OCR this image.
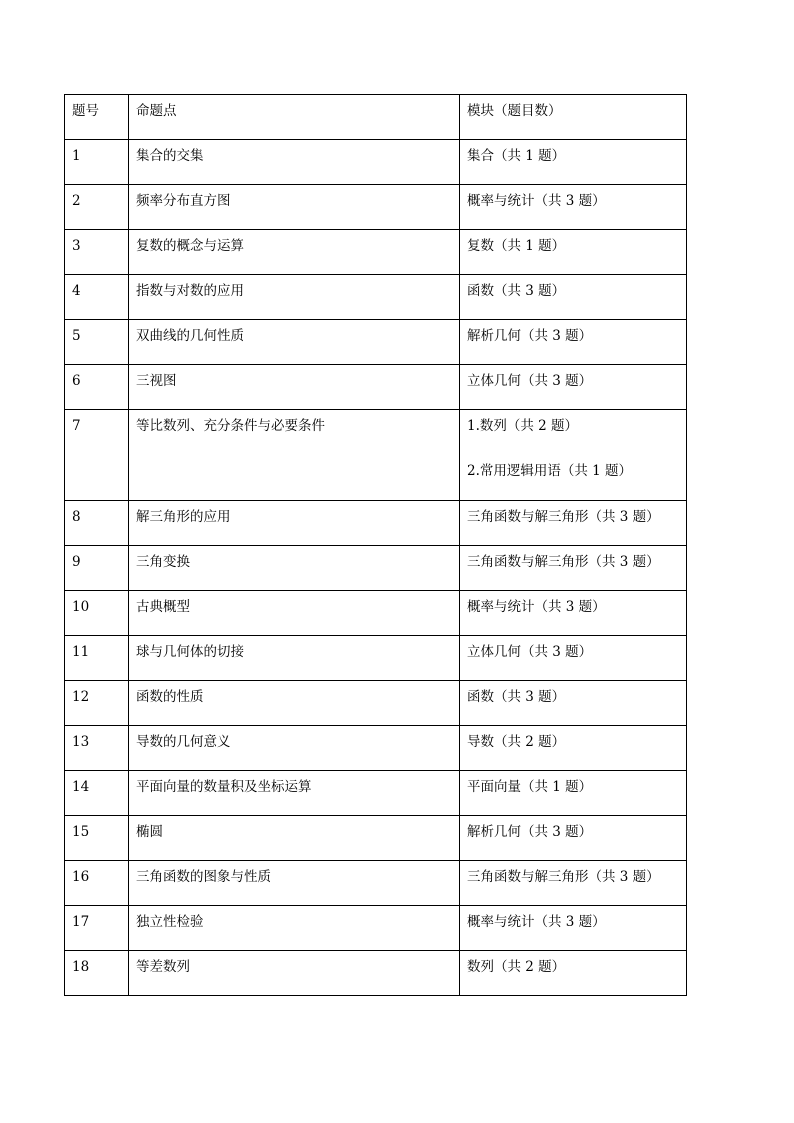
题号	命题点	模块（题目数）
1	集合的交集	集合（共 1 题）

2	频率分布直方图	概率与统计（共 3 题）

3	复数的概念与运算	复数（共 1 题）

4	指数与对数的应用	函数（共 3 题）

5	双曲线的几何性质	解析几何（共 3 题）

6	三视图	立体几何（共 3 题）

7	等比数列、充分条件与必要条件	1.数列（共 2 题）
2.常用逻辑用语（共 1 题）

8	解三角形的应用	三角函数与解三角形（共 3 题）

9	三角变换	三角函数与解三角形（共 3 题）

10	古典概型	概率与统计（共 3 题）

11	球与几何体的切接	立体几何（共 3 题）

12	函数的性质	函数（共 3 题）

13	导数的几何意义	导数（共 2 题）

14	平面向量的数量积及坐标运算	平面向量（共 1 题）

15	椭圆	解析几何（共 3 题）

16	三角函数的图象与性质	三角函数与解三角形（共 3 题）

17	独立性检验	概率与统计（共 3 题）

18	等差数列	数列（共 2 题）
